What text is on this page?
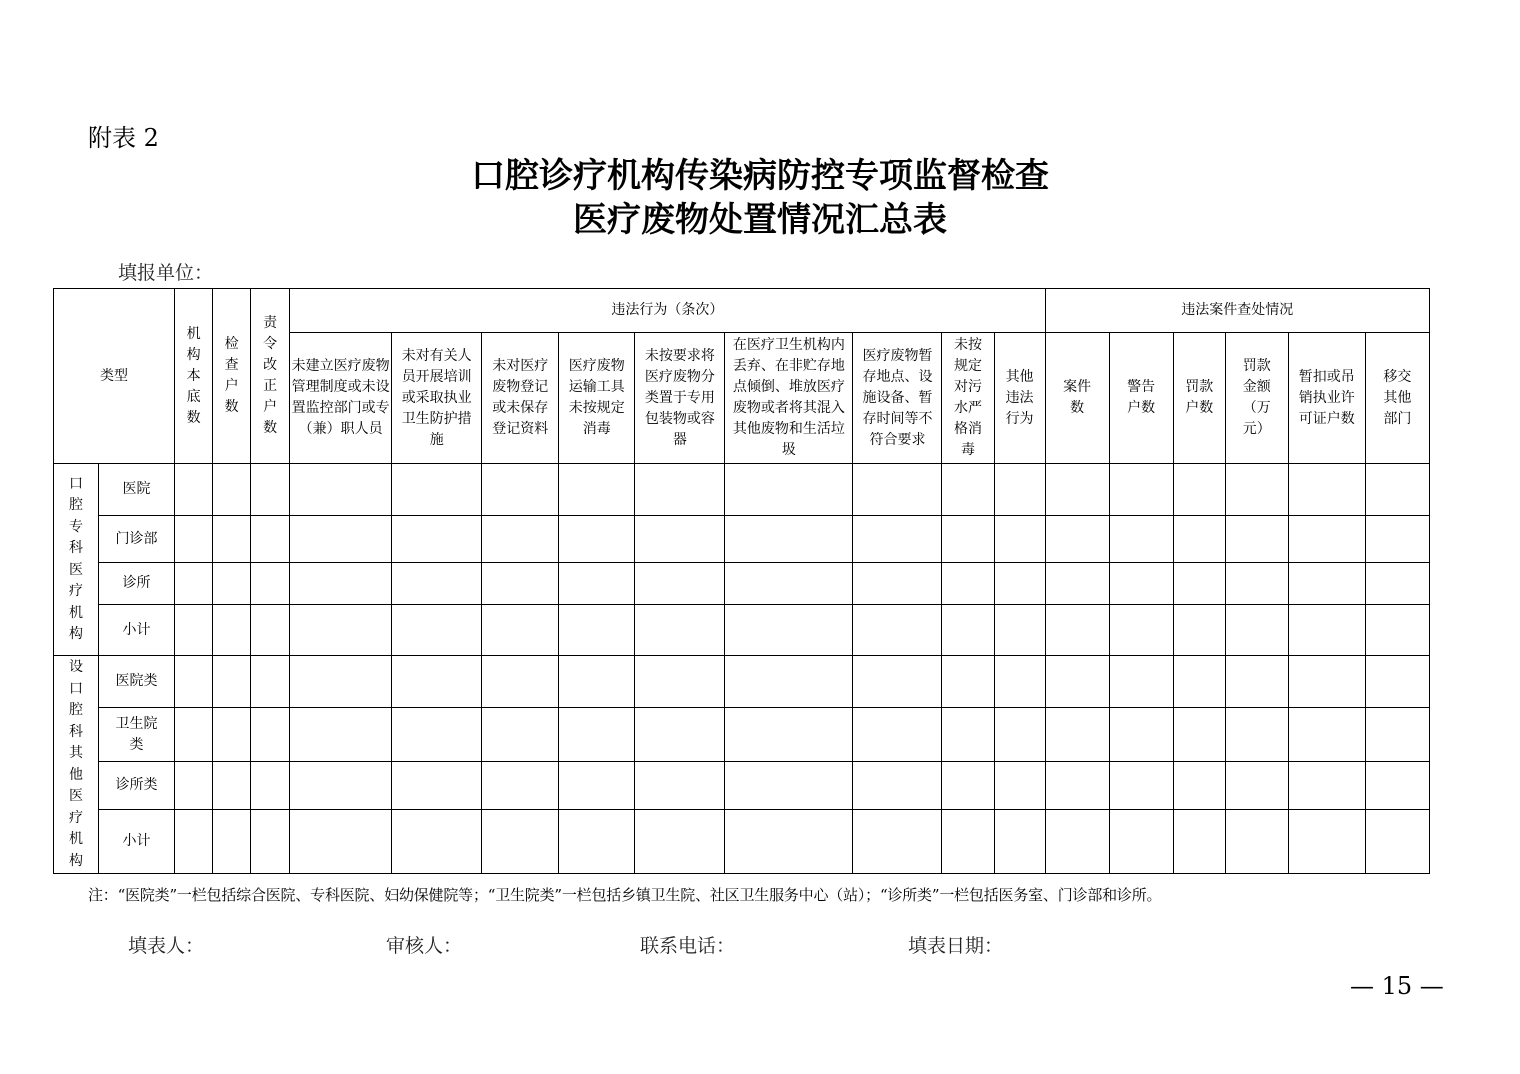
附表 2
口腔诊疗机构传染病防控专项监督检查
医疗废物处置情况汇总表
填报单位：
类型		机构本底数	检查户数	责令改正户数	违法行为（条次）									违法案件查处情况					
					未建立医疗废物管理制度或未设置监控部门或专（兼）职人员	未对有关人员开展培训或采取执业卫生防护措施	未对医疗废物登记或未保存登记资料	医疗废物运输工具未按规定消毒	未按要求将医疗废物分类置于专用包装物或容器	在医疗卫生机构内丢弃、在非贮存地点倾倒、堆放医疗废物或者将其混入其他废物和生活垃圾	医疗废物暂存地点、设施设备、暂存时间等不符合要求	未按规定对污水严格消毒	其他违法行为	案件数	警告户数	罚款户数	罚款金额（万元）	暂扣或吊销执业许可证户数	移交其他部门
口腔专科医疗机构	医院																		
	门诊部																		
	诊所																		
	小计																		
设口腔科其他医疗机构	医院类																		
	卫生院类																		
	诊所类																		
	小计																		
注：“医院类”一栏包括综合医院、专科医院、妇幼保健院等；“卫生院类”一栏包括乡镇卫生院、社区卫生服务中心（站）；“诊所类”一栏包括医务室、门诊部和诊所。
填表人：	审核人：	联系电话：	填表日期：
— 15 —
